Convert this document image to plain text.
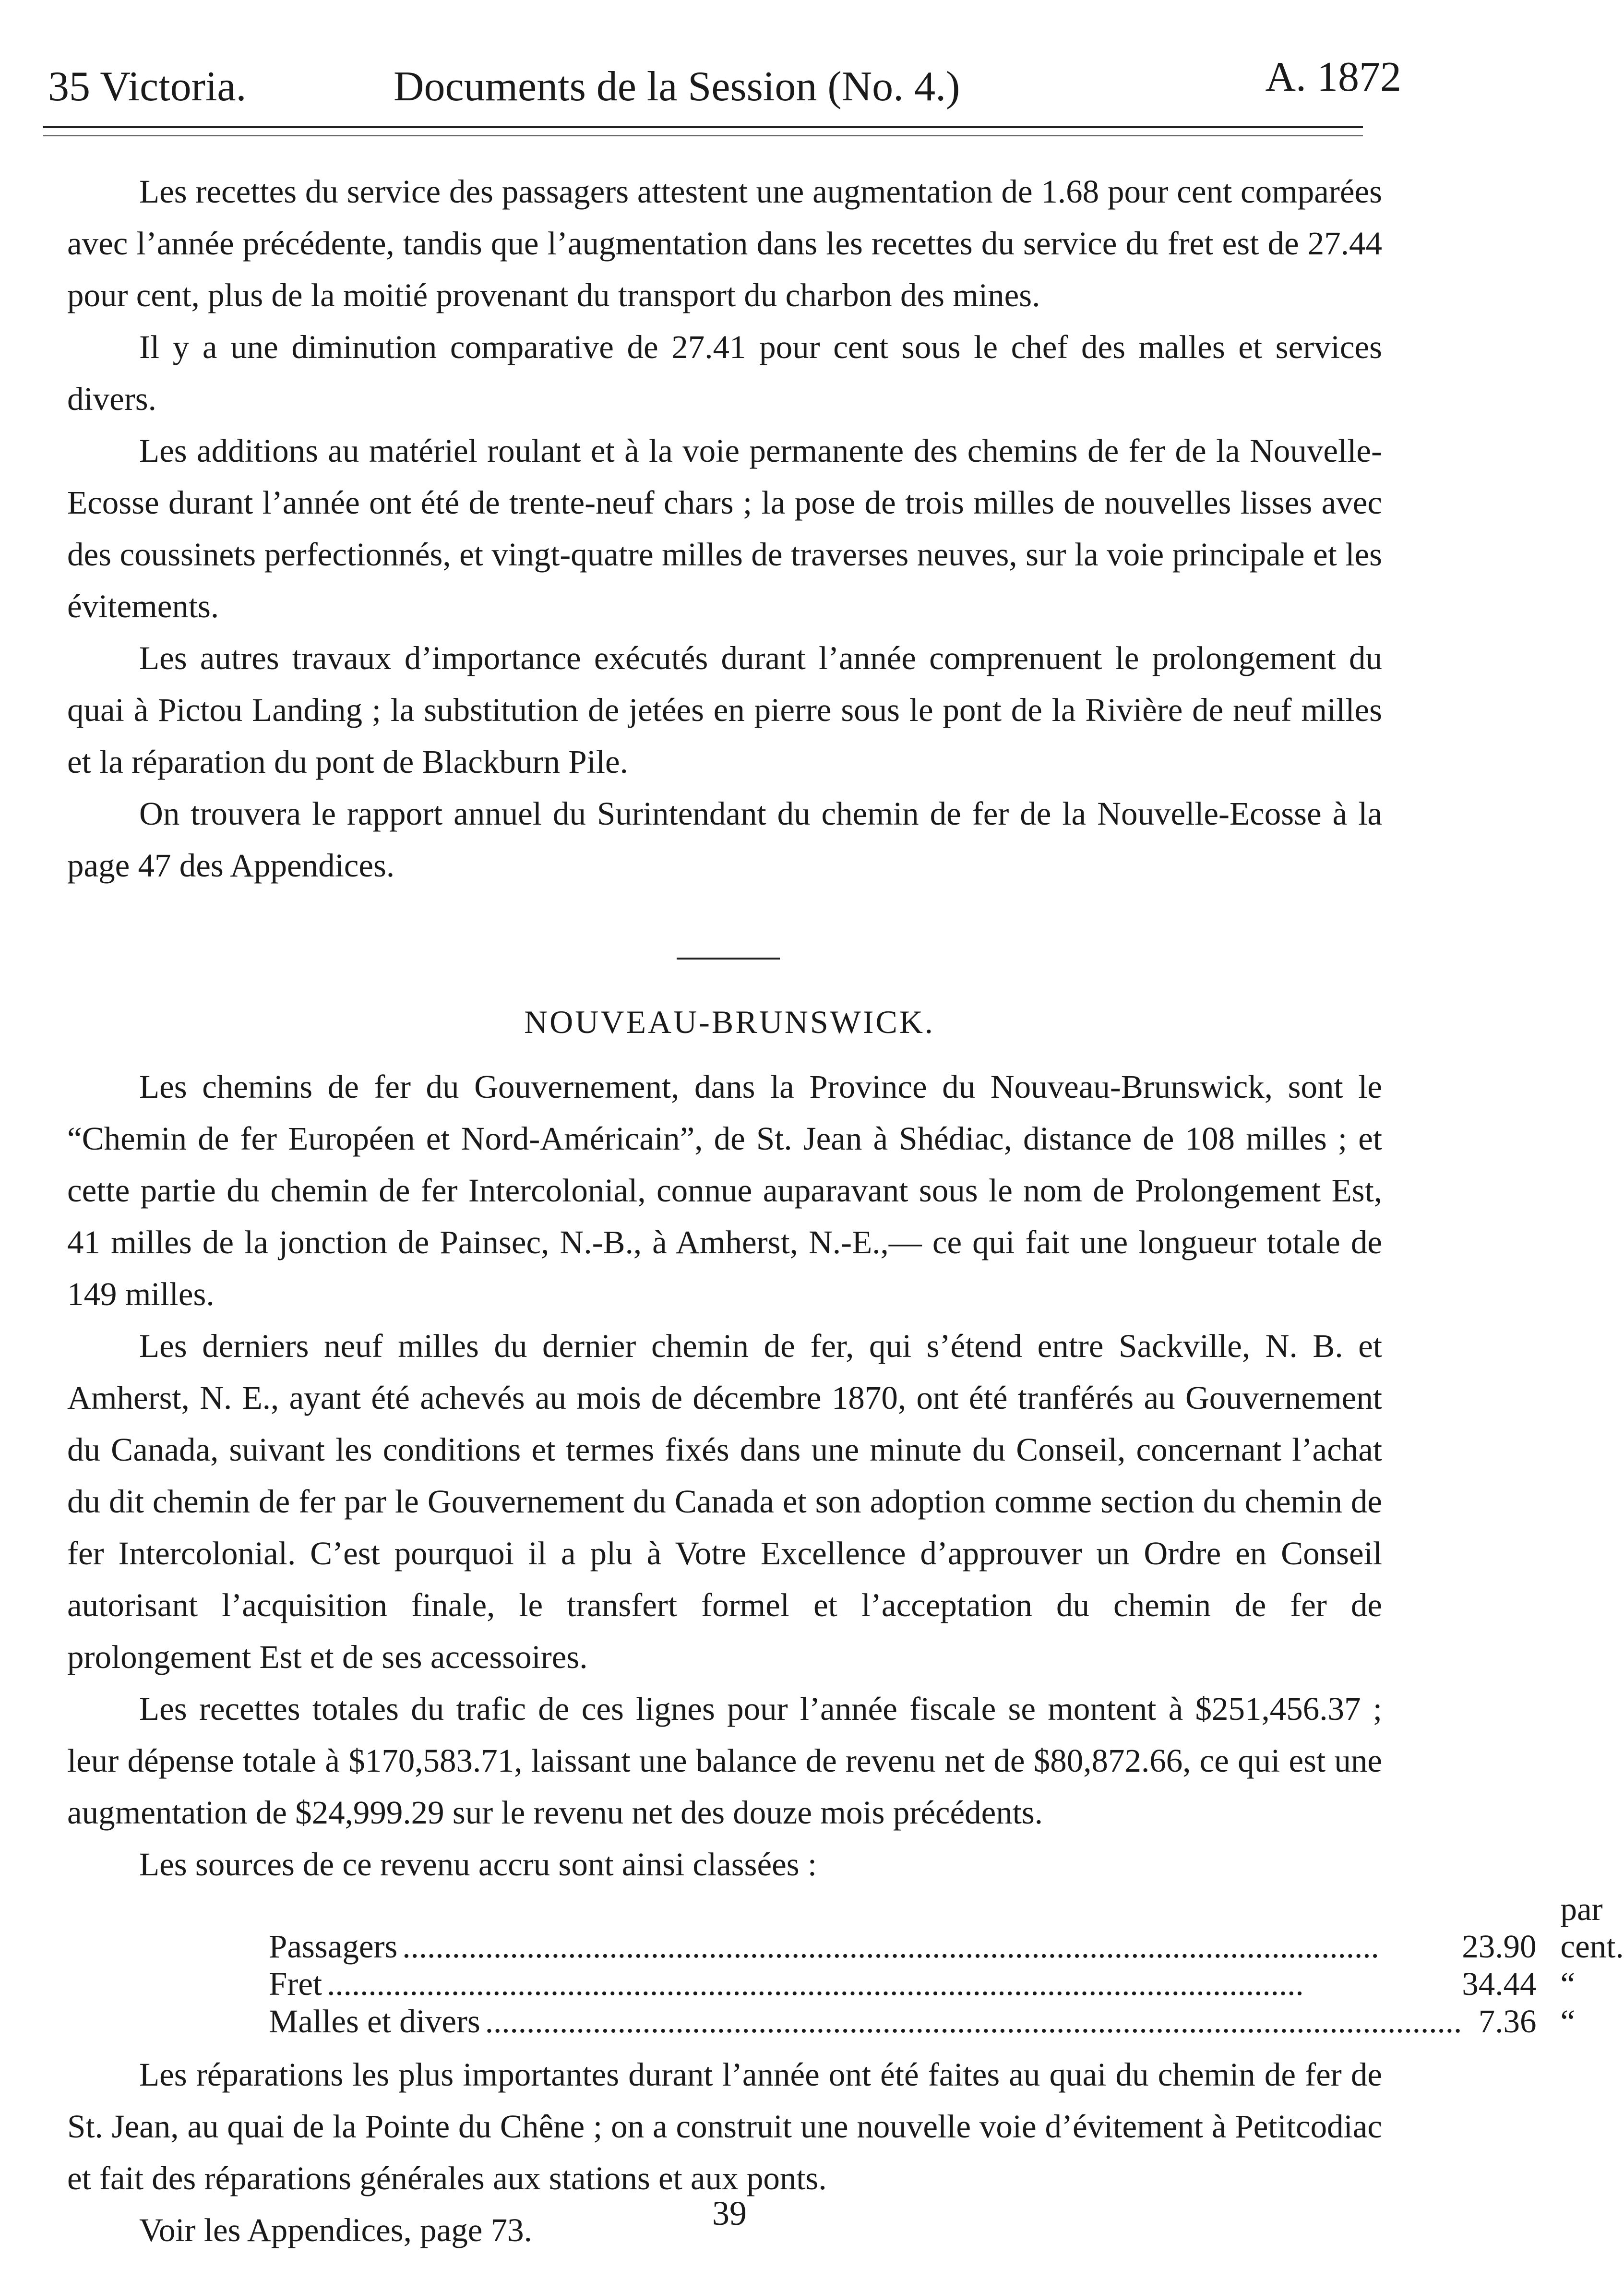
35 Victoria.	Documents de la Session (No. 4.)	A. 1872

Les recettes du service des passagers attestent une augmentation de 1.68 pour cent comparées avec l’année précédente, tandis que l’augmentation dans les recettes du service du fret est de 27.44 pour cent, plus de la moitié provenant du transport du charbon des mines.

Il y a une diminution comparative de 27.41 pour cent sous le chef des malles et services divers.

Les additions au matériel roulant et à la voie permanente des chemins de fer de la Nouvelle-Ecosse durant l’année ont été de trente-neuf chars ; la pose de trois milles de nouvelles lisses avec des coussinets perfectionnés, et vingt-quatre milles de traverses neuves, sur la voie principale et les évitements.

Les autres travaux d’importance exécutés durant l’année comprenuent le prolongement du quai à Pictou Landing ; la substitution de jetées en pierre sous le pont de la Rivière de neuf milles et la réparation du pont de Blackburn Pile.

On trouvera le rapport annuel du Surintendant du chemin de fer de la Nouvelle-Ecosse à la page 47 des Appendices.

NOUVEAU-BRUNSWICK.

Les chemins de fer du Gouvernement, dans la Province du Nouveau-Brunswick, sont le “Chemin de fer Européen et Nord-Américain”, de St. Jean à Shédiac, distance de 108 milles ; et cette partie du chemin de fer Intercolonial, connue auparavant sous le nom de Prolongement Est, 41 milles de la jonction de Painsec, N.-B., à Amherst, N.-E.,— ce qui fait une longueur totale de 149 milles.

Les derniers neuf milles du dernier chemin de fer, qui s’étend entre Sackville, N. B. et Amherst, N. E., ayant été achevés au mois de décembre 1870, ont été tranférés au Gouvernement du Canada, suivant les conditions et termes fixés dans une minute du Conseil, concernant l’achat du dit chemin de fer par le Gouvernement du Canada et son adoption comme section du chemin de fer Intercolonial. C’est pourquoi il a plu à Votre Excellence d’approuver un Ordre en Conseil autorisant l’acquisition finale, le transfert formel et l’acceptation du chemin de fer de prolongement Est et de ses accessoires.

Les recettes totales du trafic de ces lignes pour l’année fiscale se montent à $251,456.37 ; leur dépense totale à $170,583.71, laissant une balance de revenu net de $80,872.66, ce qui est une augmentation de $24,999.29 sur le revenu net des douze mois précédents.

Les sources de ce revenu accru sont ainsi classées :

Passagers ......................................................................................................................	23.90	par cent.
Fret ......................................................................................................................	34.44	“
Malles et divers ......................................................................................................................	7.36	“

Les réparations les plus importantes durant l’année ont été faites au quai du chemin de fer de St. Jean, au quai de la Pointe du Chêne ; on a construit une nouvelle voie d’évitement à Petitcodiac et fait des réparations générales aux stations et aux ponts.

Voir les Appendices, page 73.	39
